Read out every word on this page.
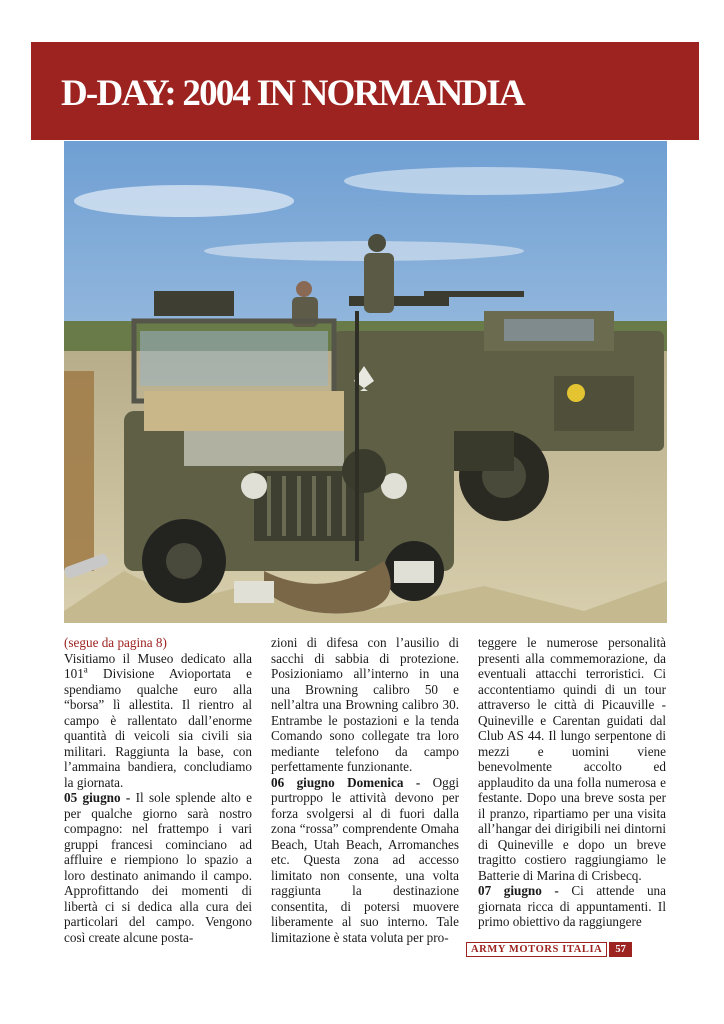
D-DAY: 2004 IN NORMANDIA

(segue da pagina 8)

Visitiamo il Museo dedicato alla 101$^a$ Divisione Avioportata e spendiamo qualche euro alla “borsa” lì allestita. Il rientro al campo è rallentato dall’enorme quantità di veicoli sia civili sia militari. Raggiunta la base, con l’ammaina bandiera, concludiamo la giornata.

05 giugno - Il sole splende alto e per qualche giorno sarà nostro compagno: nel frattempo i vari gruppi francesi cominciano ad affluire e riempiono lo spazio a loro destinato animando il campo. Approfittando dei momenti di libertà ci si dedica alla cura dei particolari del campo. Vengono così create alcune posta-

zioni di difesa con l’ausilio di sacchi di sabbia di protezione. Posizioniamo all’interno in una una Browning calibro 50 e nell’altra una Browning calibro 30. Entrambe le postazioni e la tenda Comando sono collegate tra loro mediante telefono da campo perfettamente funzionante.

06 giugno Domenica - Oggi purtroppo le attività devono per forza svolgersi al di fuori dalla zona “rossa” comprendente Omaha Beach, Utah Beach, Arromanches etc. Questa zona ad accesso limitato non consente, una volta raggiunta la destinazione consentita, di potersi muovere liberamente al suo interno. Tale limitazione è stata voluta per pro-

teggere le numerose personalità presenti alla commemorazione, da eventuali attacchi terroristici. Ci accontentiamo quindi di un tour attraverso le città di Picauville - Quineville e Carentan guidati dal Club AS 44. Il lungo serpentone di mezzi e uomini viene benevolmente accolto ed applaudito da una folla numerosa e festante. Dopo una breve sosta per il pranzo, ripartiamo per una visita all’hangar dei dirigibili nei dintorni di Quineville e dopo un breve tragitto costiero raggiungiamo le Batterie di Marina di Crisbecq.

07 giugno - Ci attende una giornata ricca di appuntamenti. Il primo obiettivo da raggiungere

ARMY MOTORS ITALIA	57
